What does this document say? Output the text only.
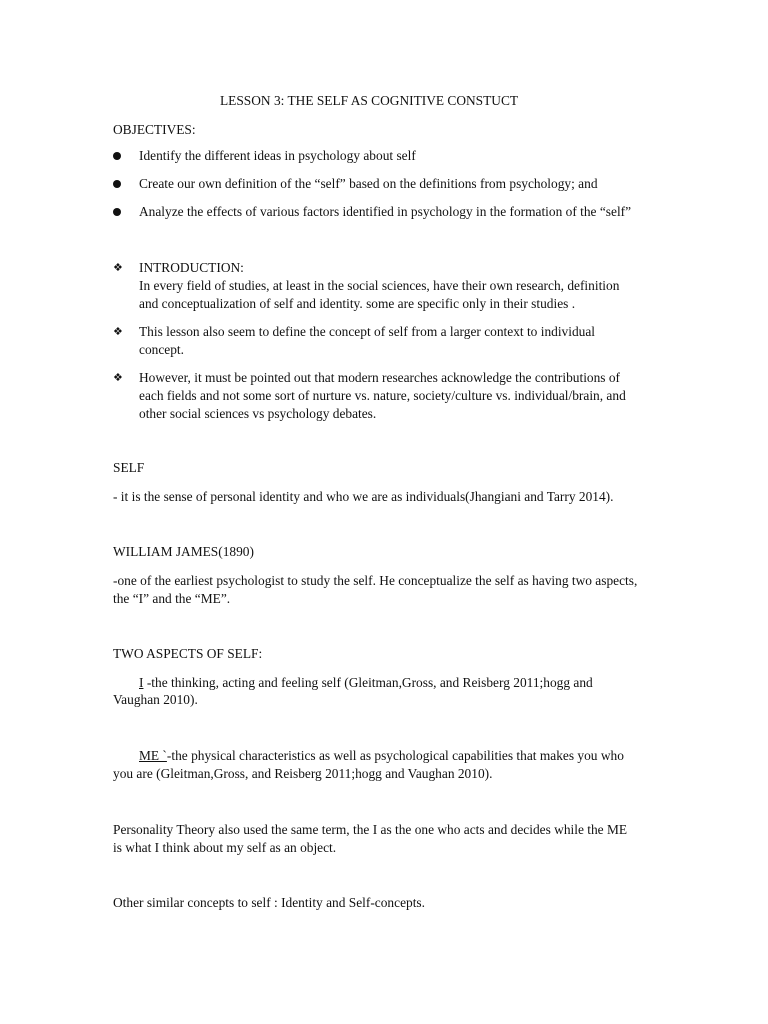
LESSON 3: THE SELF AS COGNITIVE CONSTUCT
OBJECTIVES:
Identify the different ideas in psychology about self
Create our own definition of the “self” based on the definitions from psychology; and
Analyze the effects of various factors identified in psychology in the formation of the “self”
❖ INTRODUCTION:
In every field of studies, at least in the social sciences, have their own research, definition
and conceptualization of self and identity. some are specific only in their studies .
❖ This lesson also seem to define the concept of self from a larger context to individual
concept.
❖ However, it must be pointed out that modern researches acknowledge the contributions of
each fields and not some sort of nurture vs. nature, society/culture vs. individual/brain, and
other social sciences vs psychology debates.
SELF
- it is the sense of personal identity and who we are as individuals(Jhangiani and Tarry 2014).
WILLIAM JAMES(1890)
-one of the earliest psychologist to study the self. He conceptualize the self as having two aspects,
the “I” and the “ME”.
TWO ASPECTS OF SELF:
I -the thinking, acting and feeling self (Gleitman,Gross, and Reisberg 2011;hogg and
Vaughan 2010).
ME `-the physical characteristics as well as psychological capabilities that makes you who
you are (Gleitman,Gross, and Reisberg 2011;hogg and Vaughan 2010).
Personality Theory also used the same term, the I as the one who acts and decides while the ME
is what I think about my self as an object.
Other similar concepts to self : Identity and Self-concepts.
